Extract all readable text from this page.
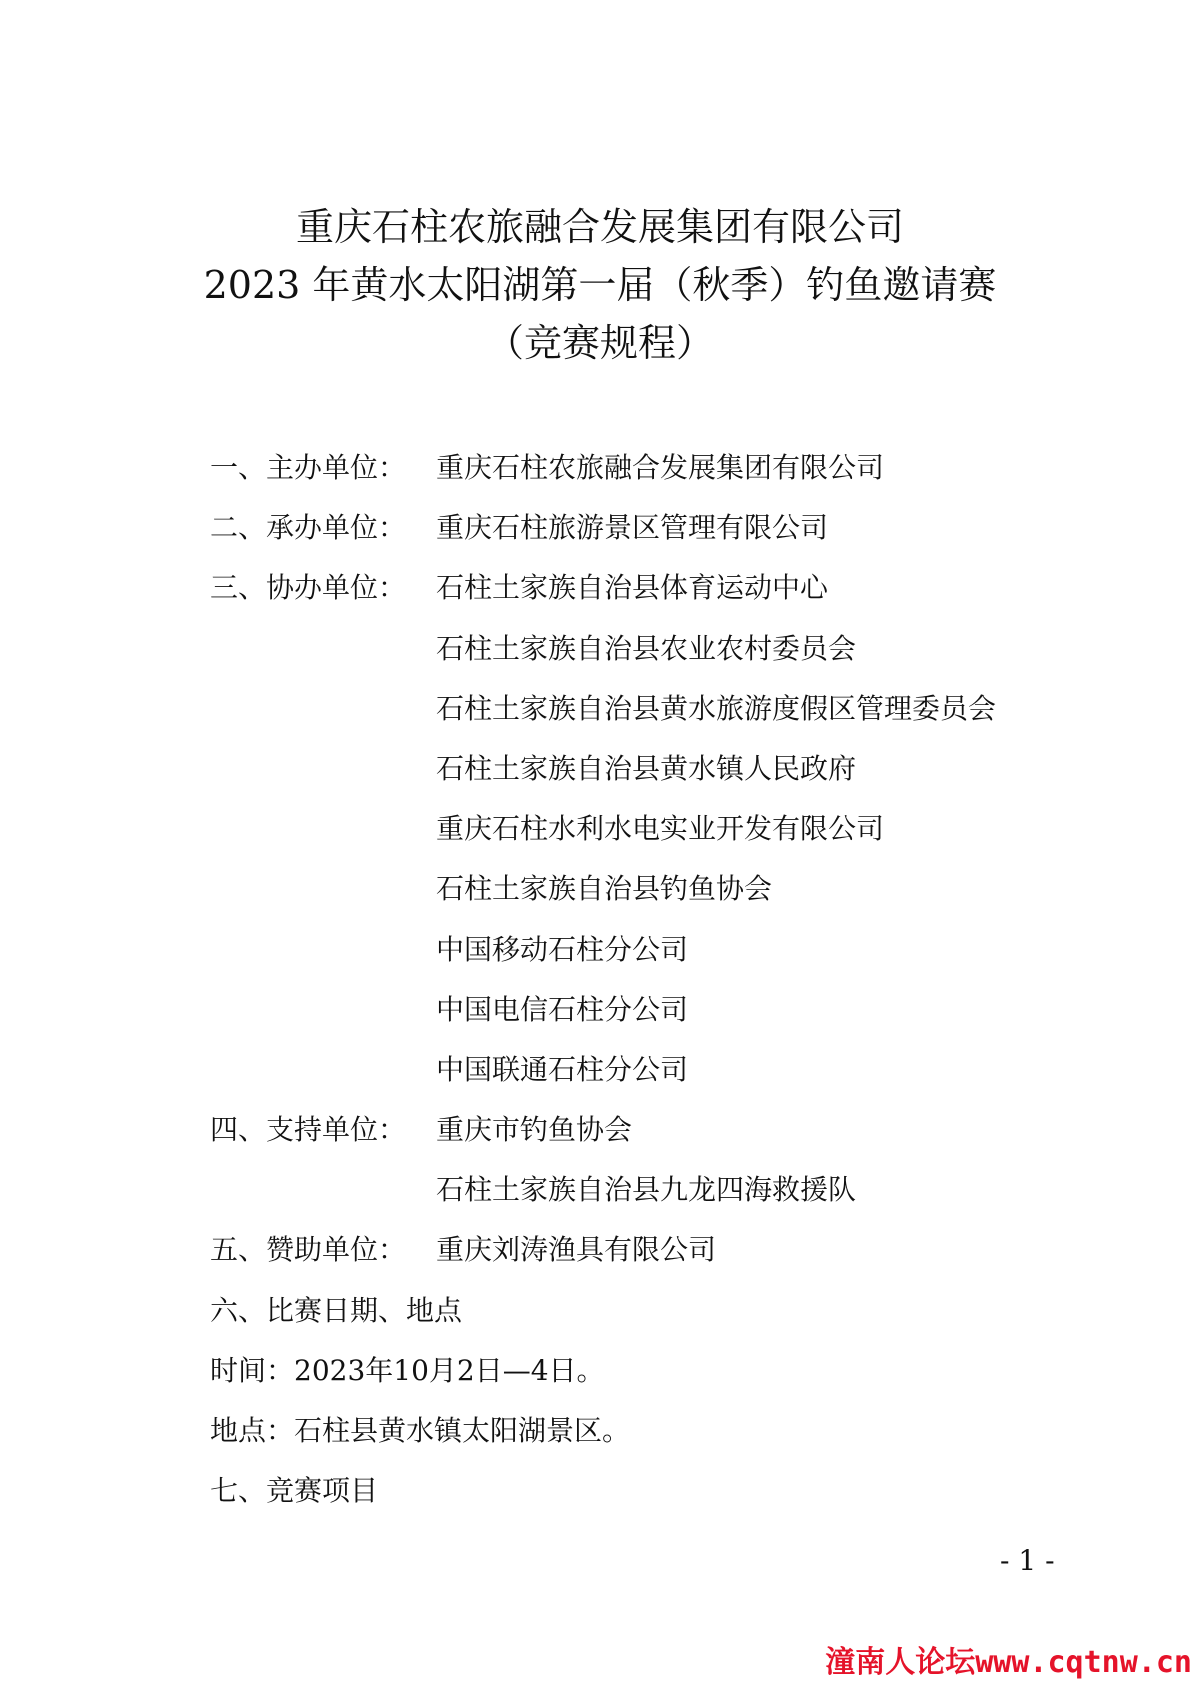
重庆石柱农旅融合发展集团有限公司
2023 年黄水太阳湖第一届（秋季）钓鱼邀请赛
（竞赛规程）
一、主办单位： 重庆石柱农旅融合发展集团有限公司
二、承办单位： 重庆石柱旅游景区管理有限公司
三、协办单位： 石柱土家族自治县体育运动中心
石柱土家族自治县农业农村委员会
石柱土家族自治县黄水旅游度假区管理委员会
石柱土家族自治县黄水镇人民政府
重庆石柱水利水电实业开发有限公司
石柱土家族自治县钓鱼协会
中国移动石柱分公司
中国电信石柱分公司
中国联通石柱分公司
四、支持单位： 重庆市钓鱼协会
石柱土家族自治县九龙四海救援队
五、赞助单位： 重庆刘涛渔具有限公司
六、比赛日期、地点
时间：2023年10月2日—4日。
地点：石柱县黄水镇太阳湖景区。
七、竞赛项目
- 1 -
潼南人论坛www.cqtnw.cn
